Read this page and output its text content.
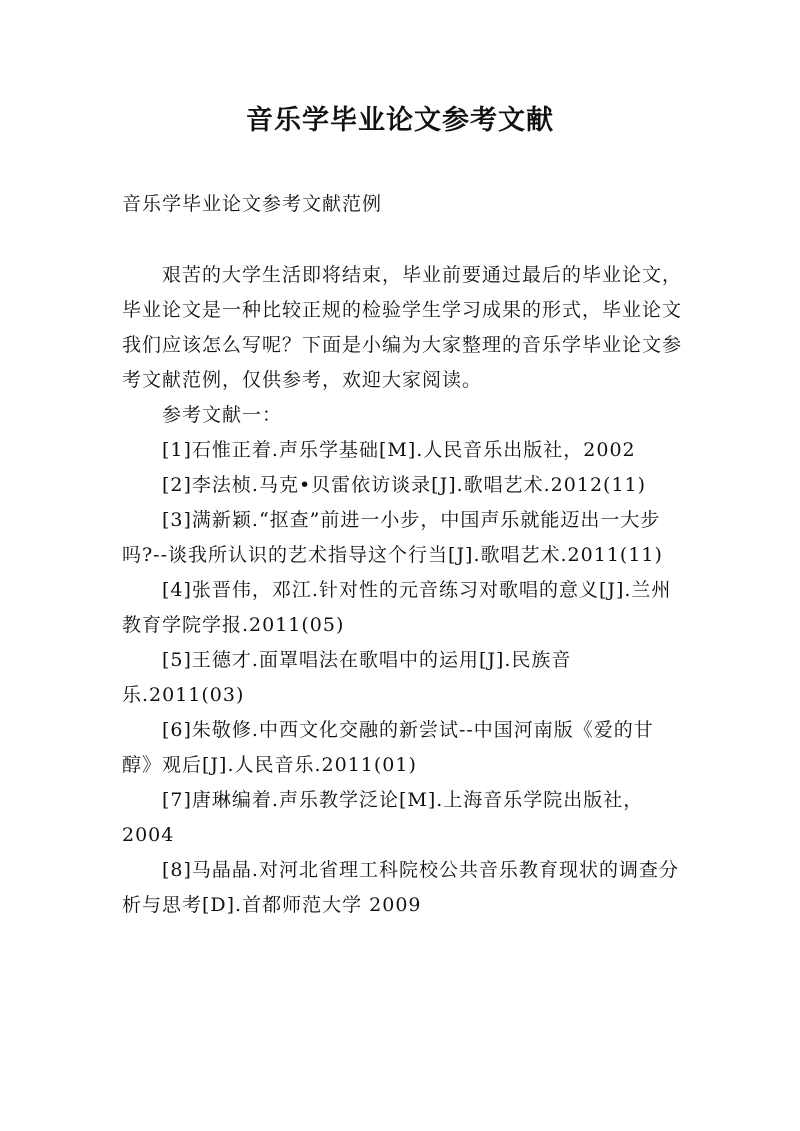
音乐学毕业论文参考文献
音乐学毕业论文参考文献范例

艰苦的大学生活即将结束，毕业前要通过最后的毕业论文，毕业论文是一种比较正规的检验学生学习成果的形式，毕业论文我们应该怎么写呢？下面是小编为大家整理的音乐学毕业论文参考文献范例，仅供参考，欢迎大家阅读。

参考文献一：

[1]石惟正着.声乐学基础[M].人民音乐出版社，2002

[2]李法桢.马克•贝雷依访谈录[J].歌唱艺术.2012(11)

[3]满新颖.“抠查”前进一小步，中国声乐就能迈出一大步吗?--谈我所认识的艺术指导这个行当[J].歌唱艺术.2011(11)

[4]张晋伟，邓江.针对性的元音练习对歌唱的意义[J].兰州教育学院学报.2011(05)

[5]王德才.面罩唱法在歌唱中的运用[J].民族音乐.2011(03)

[6]朱敬修.中西文化交融的新尝试--中国河南版《爱的甘醇》观后[J].人民音乐.2011(01)

[7]唐琳编着.声乐教学泛论[M].上海音乐学院出版社，2004

[8]马晶晶.对河北省理工科院校公共音乐教育现状的调查分析与思考[D].首都师范大学 2009
